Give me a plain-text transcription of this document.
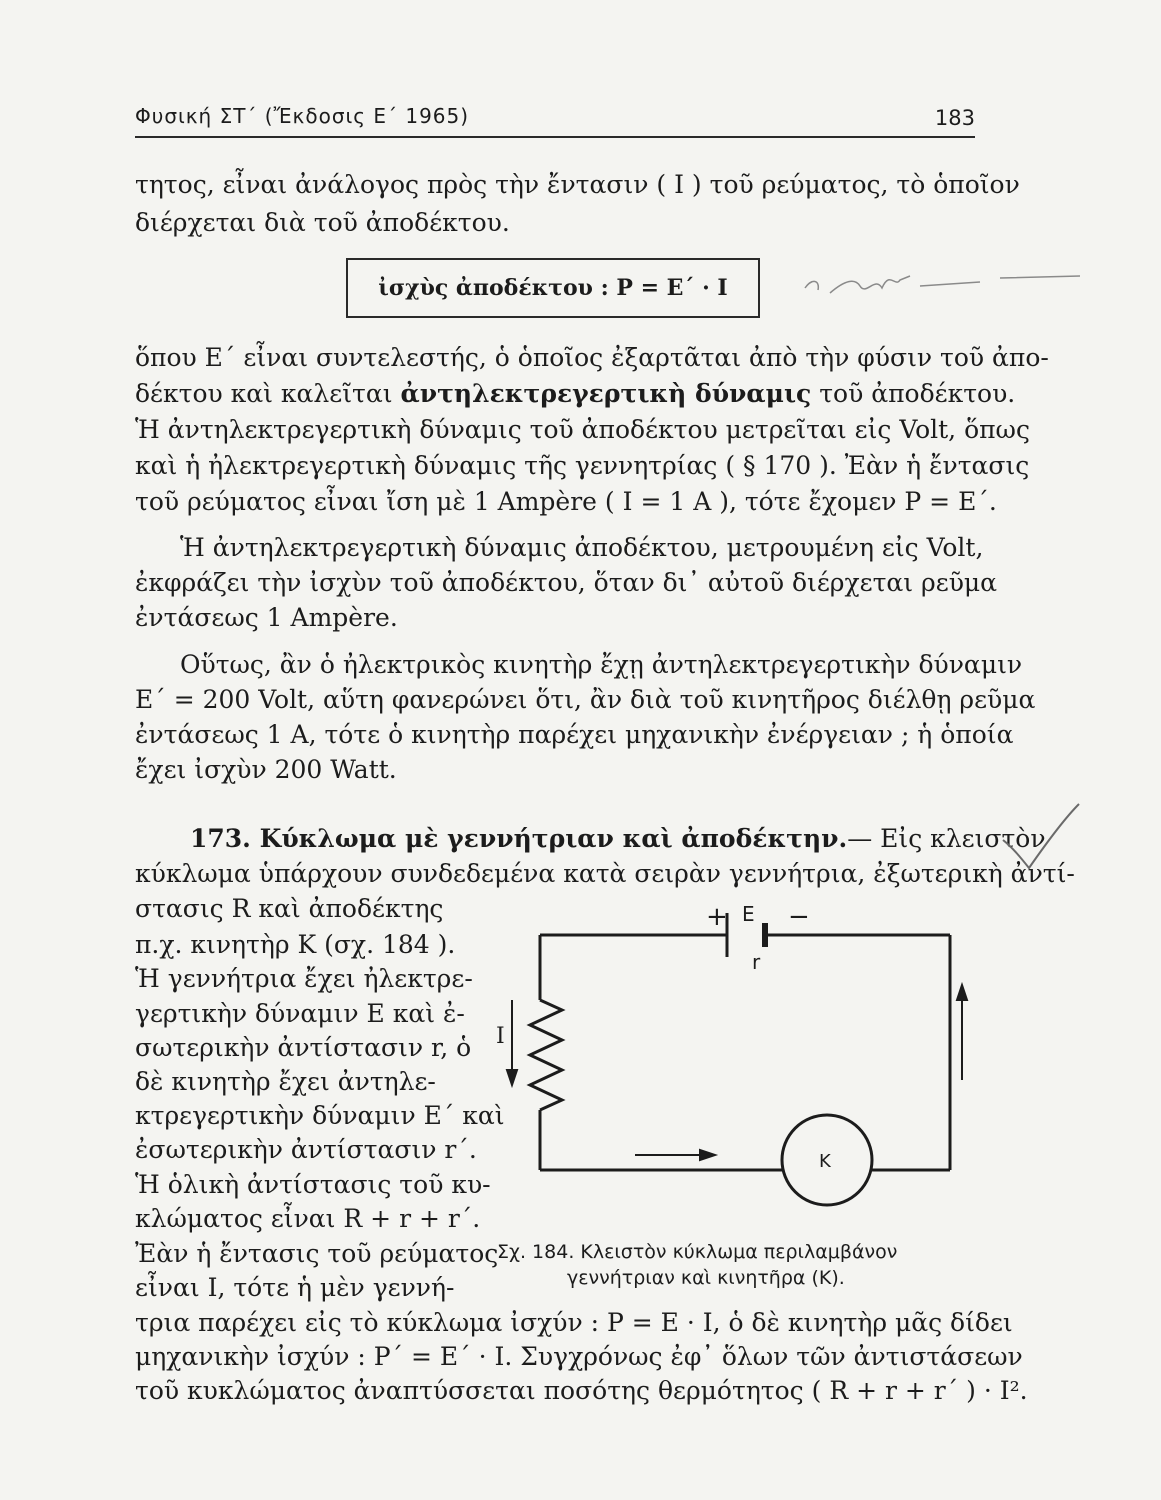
Φυσική ΣΤ΄ (Ἔκδοσις Ε΄ 1965)	183
τητος, εἶναι ἀνάλογος πρὸς τὴν ἔντασιν ( I ) τοῦ ρεύματος, τὸ ὁποῖον
διέρχεται διὰ τοῦ ἀποδέκτου.
ἰσχὺς ἀποδέκτου : P = E΄ · I
ὅπου E΄ εἶναι συντελεστής, ὁ ὁποῖος ἐξαρτᾶται ἀπὸ τὴν φύσιν τοῦ ἀπο-
δέκτου καὶ καλεῖται ἀντηλεκτρεγερτικὴ δύναμις τοῦ ἀποδέκτου.
Ἡ ἀντηλεκτρεγερτικὴ δύναμις τοῦ ἀποδέκτου μετρεῖται εἰς Volt, ὅπως
καὶ ἡ ἠλεκτρεγερτικὴ δύναμις τῆς γεννητρίας ( § 170 ). Ἐὰν ἡ ἔντασις
τοῦ ρεύματος εἶναι ἴση μὲ 1 Ampère ( I = 1 A ), τότε ἔχομεν P = E΄.
Ἡ ἀντηλεκτρεγερτικὴ δύναμις ἀποδέκτου, μετρουμένη εἰς Volt,
ἐκφράζει τὴν ἰσχὺν τοῦ ἀποδέκτου, ὅταν δι᾽ αὐτοῦ διέρχεται ρεῦμα
ἐντάσεως 1 Ampère.
Οὕτως, ἂν ὁ ἠλεκτρικὸς κινητὴρ ἔχῃ ἀντηλεκτρεγερτικὴν δύναμιν
E΄ = 200 Volt, αὕτη φανερώνει ὅτι, ἂν διὰ τοῦ κινητῆρος διέλθῃ ρεῦμα
ἐντάσεως 1 A, τότε ὁ κινητὴρ παρέχει μηχανικὴν ἐνέργειαν ; ἡ ὁποία
ἔχει ἰσχὺν 200 Watt.
173. Κύκλωμα μὲ γεννήτριαν καὶ ἀποδέκτην.— Εἰς κλειστὸν
κύκλωμα ὑπάρχουν συνδεδεμένα κατὰ σειρὰν γεννήτρια, ἐξωτερικὴ ἀντί-
στασις R καὶ ἀποδέκτης
π.χ. κινητὴρ K (σχ. 184 ).
Ἡ γεννήτρια ἔχει ἠλεκτρε-
γερτικὴν δύναμιν E καὶ ἐ-
σωτερικὴν ἀντίστασιν r, ὁ
δὲ κινητὴρ ἔχει ἀντηλε-
κτρεγερτικὴν δύναμιν E΄ καὶ
ἐσωτερικὴν ἀντίστασιν r΄.
Ἡ ὁλικὴ ἀντίστασις τοῦ κυ-
κλώματος εἶναι R + r + r΄.
Ἐὰν ἡ ἔντασις τοῦ ρεύματος
εἶναι I, τότε ἡ μὲν γεννή-
τρια παρέχει εἰς τὸ κύκλωμα ἰσχύν : P = E · I, ὁ δὲ κινητὴρ μᾶς δίδει
μηχανικὴν ἰσχύν : P΄ = E΄ · I. Συγχρόνως ἐφ᾽ ὅλων τῶν ἀντιστάσεων
τοῦ κυκλώματος ἀναπτύσσεται ποσότης θερμότητος ( R + r + r΄ ) · I².
+ E −
r
I
K
Σχ. 184. Κλειστὸν κύκλωμα περιλαμβάνον
γεννήτριαν καὶ κινητῆρα (K).
